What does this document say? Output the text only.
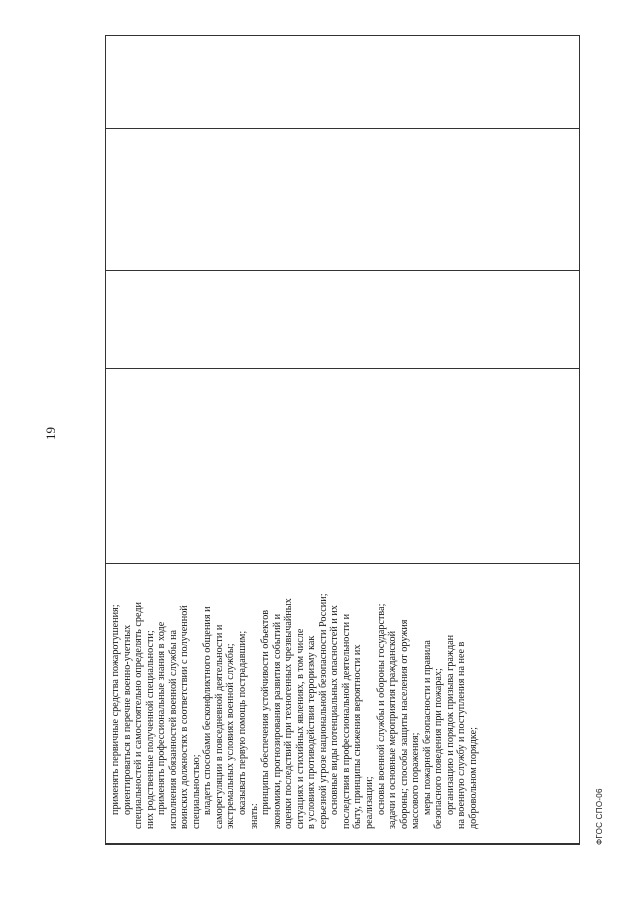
19
применять первичные средства пожаротушения; ориентироваться в перечне военно-учетных специальностей и самостоятельно определять среди них родственные полученной специальности; применять профессиональные знания в ходе исполнения обязанностей военной службы на воинских должностях в соответствии с полученной специальностью; владеть способами бесконфликтного общения и саморегуляции в повседневной деятельности и экстремальных условиях военной службы; оказывать первую помощь пострадавшим;
знать:
принципы обеспечения устойчивости объектов экономики, прогнозирования развития событий и оценки последствий при техногенных чрезвычайных ситуациях и стихийных явлениях, в том числе в условиях противодействия терроризму как серьезной угрозе национальной безопасности России; основные виды потенциальных опасностей и их последствия в профессиональной деятельности и быту, принципы снижения вероятности их реализации; основы военной службы и обороны государства; задачи и основные мероприятия гражданской обороны; способы защиты населения от оружия массового поражения; меры пожарной безопасности и правила безопасного поведения при пожарах; организацию и порядок призыва граждан на военную службу и поступления на нее в добровольном порядке;	ФГОС СПО-06
